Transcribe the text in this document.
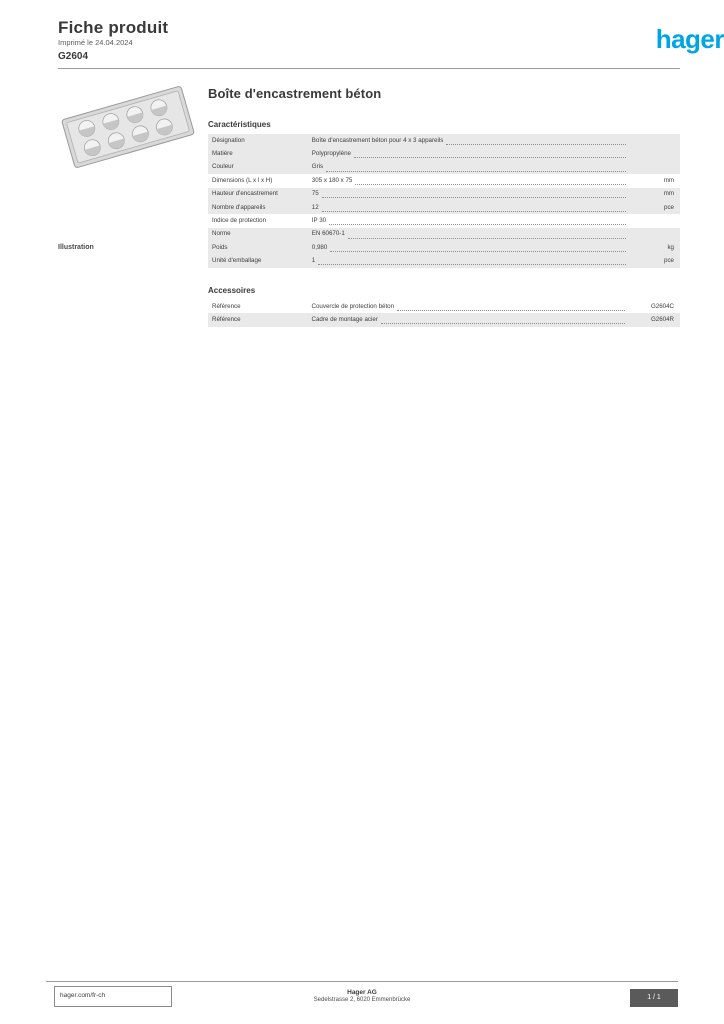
Fiche produit
Imprimé le 24.04.2024
G2604
hager
Illustration
Boîte d'encastrement béton
Caractéristiques
Désignation	Boîte d'encastrement béton pour 4 x 3 appareils	

Matière	Polypropylène	

Couleur	Gris	

Dimensions (L x l x H)	305 x 180 x 75	mm
Hauteur d'encastrement	75	mm
Nombre d'appareils	12	pce
Indice de protection	IP 30	

Norme	EN 60670-1	

Poids	0,980	kg
Unité d'emballage	1	pce
Accessoires
Référence	Couvercle de protection béton	G2604C
Référence	Cadre de montage acier	G2604R
hager.com/fr-ch	Hager AG
Sedelstrasse 2, 6020 Emmenbrücke	1 / 1
